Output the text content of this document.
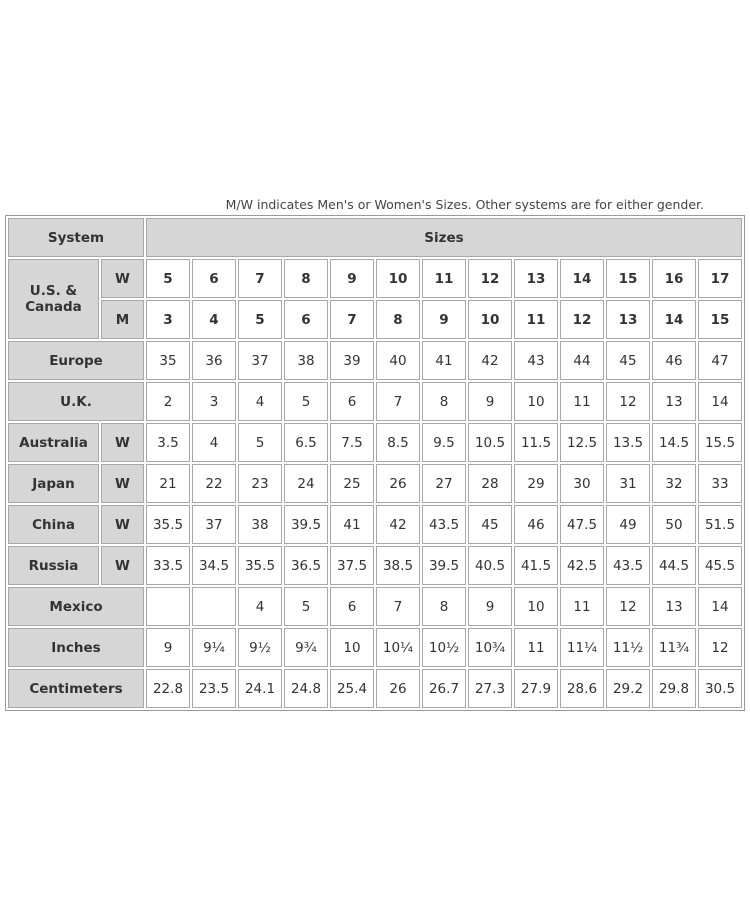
M/W indicates Men's or Women's Sizes. Other systems are for either gender.
System		Sizes												
U.S. & Canada	W	5	6	7	8	9	10	11	12	13	14	15	16	17
	M	3	4	5	6	7	8	9	10	11	12	13	14	15
Europe		35	36	37	38	39	40	41	42	43	44	45	46	47
U.K.		2	3	4	5	6	7	8	9	10	11	12	13	14
Australia	W	3.5	4	5	6.5	7.5	8.5	9.5	10.5	11.5	12.5	13.5	14.5	15.5
Japan	W	21	22	23	24	25	26	27	28	29	30	31	32	33
China	W	35.5	37	38	39.5	41	42	43.5	45	46	47.5	49	50	51.5
Russia	W	33.5	34.5	35.5	36.5	37.5	38.5	39.5	40.5	41.5	42.5	43.5	44.5	45.5
Mexico				4	5	6	7	8	9	10	11	12	13	14
Inches		9	9¼	9½	9¾	10	10¼	10½	10¾	11	11¼	11½	11¾	12
Centimeters		22.8	23.5	24.1	24.8	25.4	26	26.7	27.3	27.9	28.6	29.2	29.8	30.5
